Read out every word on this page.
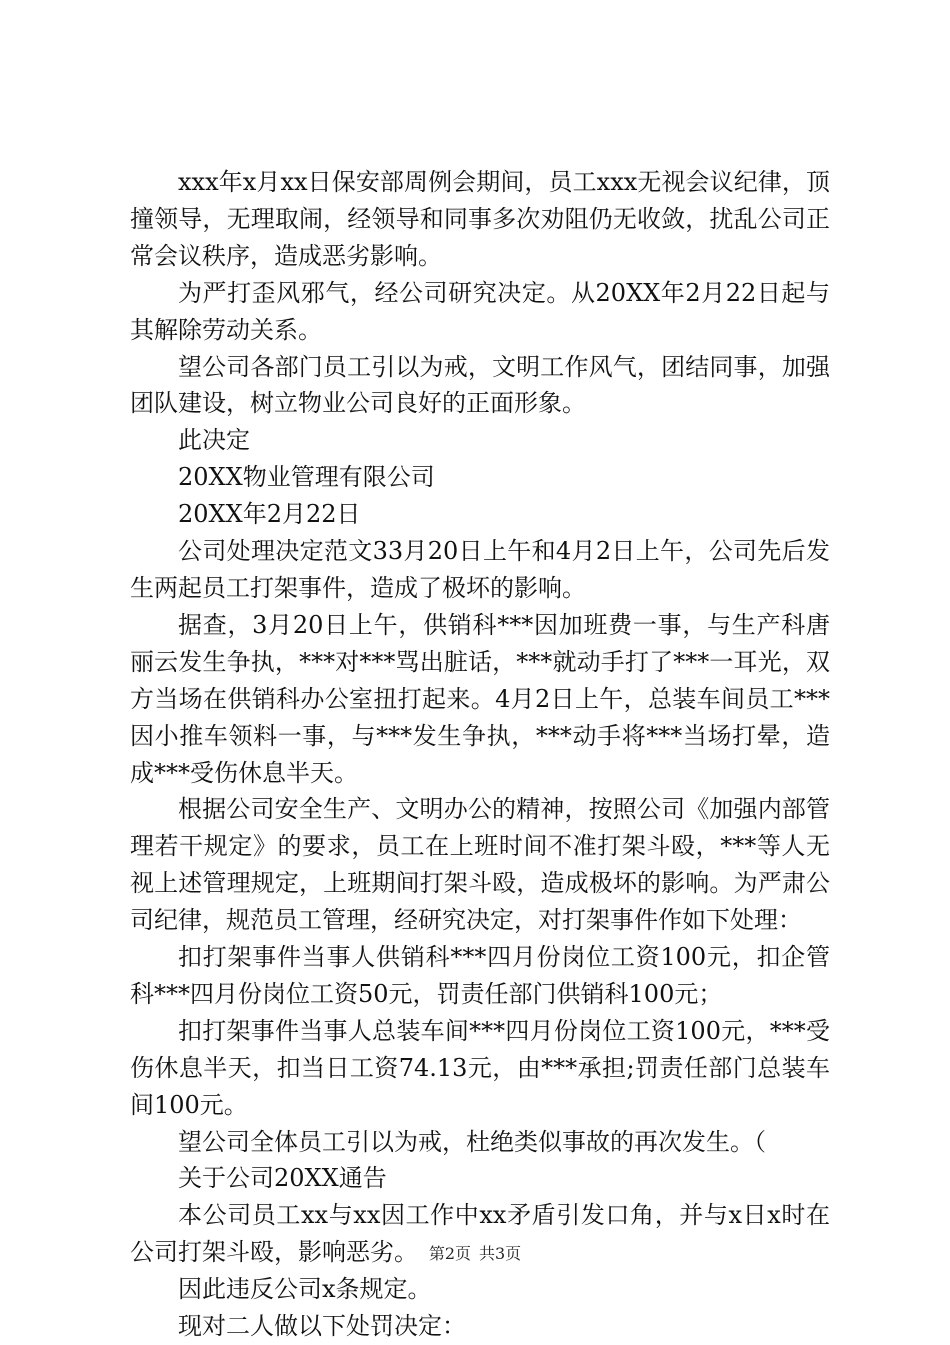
xxx年x月xx日保安部周例会期间，员工xxx无视会议纪律，顶撞领导，无理取闹，经领导和同事多次劝阻仍无收敛，扰乱公司正常会议秩序，造成恶劣影响。

为严打歪风邪气，经公司研究决定。从20XX年2月22日起与其解除劳动关系。

望公司各部门员工引以为戒，文明工作风气，团结同事，加强团队建设，树立物业公司良好的正面形象。

此决定

20XX物业管理有限公司

20XX年2月22日

公司处理决定范文33月20日上午和4月2日上午，公司先后发生两起员工打架事件，造成了极坏的影响。

据查，3月20日上午，供销科***因加班费一事，与生产科唐丽云发生争执，***对***骂出脏话，***就动手打了***一耳光，双方当场在供销科办公室扭打起来。4月2日上午，总装车间员工***因小推车领料一事，与***发生争执，***动手将***当场打晕，造成***受伤休息半天。

根据公司安全生产、文明办公的精神，按照公司《加强内部管理若干规定》的要求，员工在上班时间不准打架斗殴，***等人无视上述管理规定，上班期间打架斗殴，造成极坏的影响。为严肃公司纪律，规范员工管理，经研究决定，对打架事件作如下处理：

扣打架事件当事人供销科***四月份岗位工资100元，扣企管科***四月份岗位工资50元，罚责任部门供销科100元；

扣打架事件当事人总装车间***四月份岗位工资100元，***受伤休息半天，扣当日工资74.13元，由***承担;罚责任部门总装车间100元。

望公司全体员工引以为戒，杜绝类似事故的再次发生。（

关于公司20XX通告

本公司员工xx与xx因工作中xx矛盾引发口角，并与x日x时在公司打架斗殴，影响恶劣。

因此违反公司x条规定。

现对二人做以下处罚决定：

第2页 共3页
